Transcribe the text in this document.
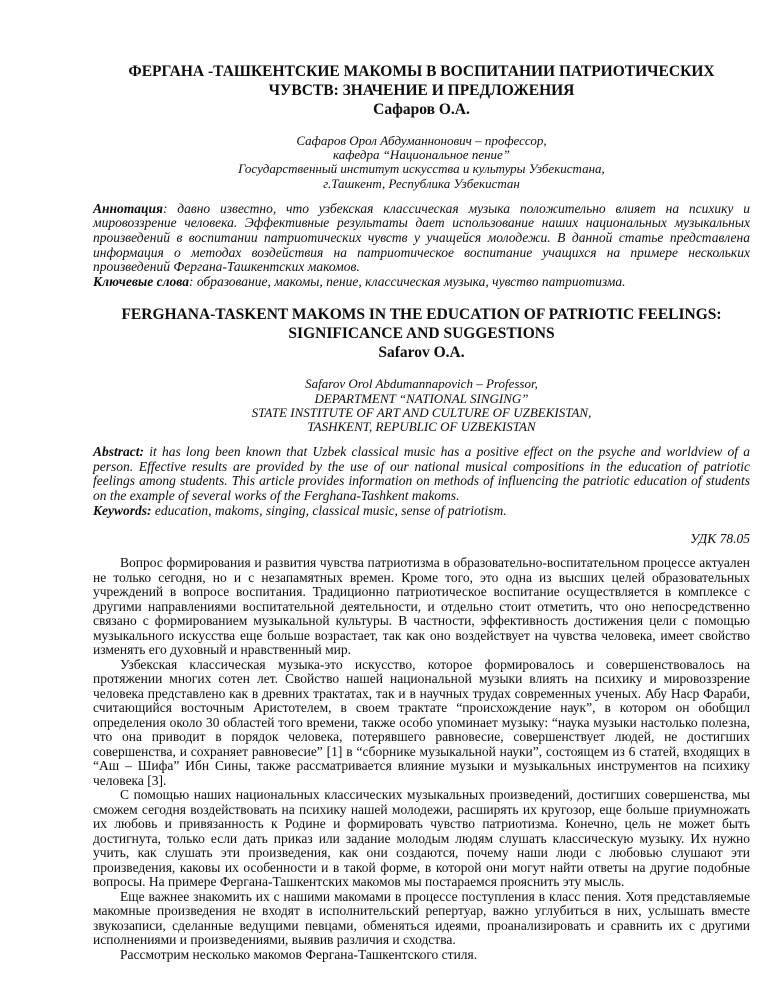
ФЕРГАНА -ТАШКЕНТСКИЕ МАКОМЫ В ВОСПИТАНИИ ПАТРИОТИЧЕСКИХ ЧУВСТВ: ЗНАЧЕНИЕ И ПРЕДЛОЖЕНИЯ
Сафаров О.А.
Сафаров Орол Абдуманнонович – профессор,
кафедра “Национальное пение”
Государственный институт искусства и культуры Узбекистана,
г.Ташкент, Республика Узбекистан
Аннотация: давно известно, что узбекская классическая музыка положительно влияет на психику и мировоззрение человека. Эффективные результаты дает использование наших национальных музыкальных произведений в воспитании патриотических чувств у учащейся молодежи. В данной статье представлена информация о методах воздействия на патриотическое воспитание учащихся на примере нескольких произведений Фергана-Ташкентских макомов.
Ключевые слова: образование, макомы, пение, классическая музыка, чувство патриотизма.
FERGHANA-TASKENT MAKOMS IN THE EDUCATION OF PATRIOTIC FEELINGS: SIGNIFICANCE AND SUGGESTIONS
Safarov O.A.
Safarov Orol Abdumannapovich – Professor,
DEPARTMENT “NATIONAL SINGING”
STATE INSTITUTE OF ART AND CULTURE OF UZBEKISTAN,
TASHKENT, REPUBLIC OF UZBEKISTAN
Abstract: it has long been known that Uzbek classical music has a positive effect on the psyche and worldview of a person. Effective results are provided by the use of our national musical compositions in the education of patriotic feelings among students. This article provides information on methods of influencing the patriotic education of students on the example of several works of the Ferghana-Tashkent makoms.
Keywords: education, makoms, singing, classical music, sense of patriotism.
УДК 78.05

Вопрос формирования и развития чувства патриотизма в образовательно-воспитательном процессе актуален не только сегодня, но и с незапамятных времен. Кроме того, это одна из высших целей образовательных учреждений в вопросе воспитания. Традиционно патриотическое воспитание осуществляется в комплексе с другими направлениями воспитательной деятельности, и отдельно стоит отметить, что оно непосредственно связано с формированием музыкальной культуры. В частности, эффективность достижения цели с помощью музыкального искусства еще больше возрастает, так как оно воздействует на чувства человека, имеет свойство изменять его духовный и нравственный мир.

Узбекская классическая музыка-это искусство, которое формировалось и совершенствовалось на протяжении многих сотен лет. Свойство нашей национальной музыки влиять на психику и мировоззрение человека представлено как в древних трактатах, так и в научных трудах современных ученых. Абу Наср Фараби, считающийся восточным Аристотелем, в своем трактате “происхождение наук”, в котором он обобщил определения около 30 областей того времени, также особо упоминает музыку: “наука музыки настолько полезна, что она приводит в порядок человека, потерявшего равновесие, совершенствует людей, не достигших совершенства, и сохраняет равновесие” [1] в “сборнике музыкальной науки”, состоящем из 6 статей, входящих в “Аш – Шифа” Ибн Сины, также рассматривается влияние музыки и музыкальных инструментов на психику человека [3].

С помощью наших национальных классических музыкальных произведений, достигших совершенства, мы сможем сегодня воздействовать на психику нашей молодежи, расширять их кругозор, еще больше приумножать их любовь и привязанность к Родине и формировать чувство патриотизма. Конечно, цель не может быть достигнута, только если дать приказ или задание молодым людям слушать классическую музыку. Их нужно учить, как слушать эти произведения, как они создаются, почему наши люди с любовью слушают эти произведения, каковы их особенности и в такой форме, в которой они могут найти ответы на другие подобные вопросы. На примере Фергана-Ташкентских макомов мы постараемся прояснить эту мысль.

Еще важнее знакомить их с нашими макомами в процессе поступления в класс пения. Хотя представляемые макомные произведения не входят в исполнительский репертуар, важно углубиться в них, услышать вместе звукозаписи, сделанные ведущими певцами, обменяться идеями, проанализировать и сравнить их с другими исполнениями и произведениями, выявив различия и сходства.

Рассмотрим несколько макомов Фергана-Ташкентского стиля.
